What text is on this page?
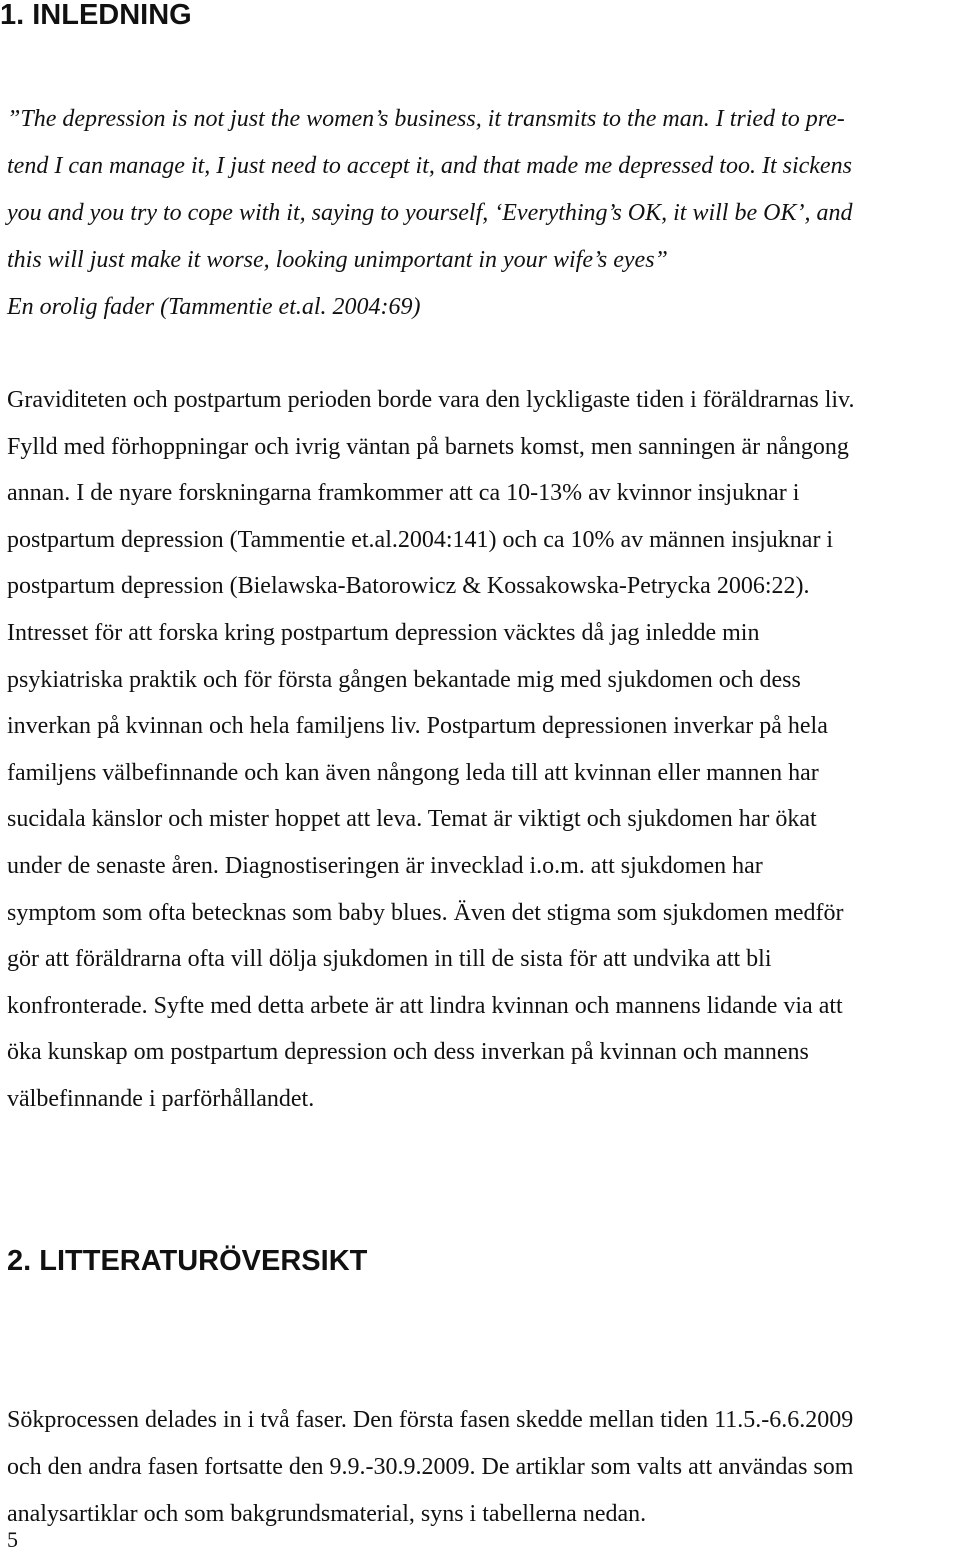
1. INLEDNING
”The depression is not just the women’s business, it transmits to the man. I tried to pre-
tend I can manage it, I just need to accept it, and that made me depressed too. It sickens
you and you try to cope with it, saying to yourself, ‘Everything’s OK, it will be OK’, and
this will just make it worse, looking unimportant in your wife’s eyes”
En orolig fader (Tammentie et.al. 2004:69)
Graviditeten och postpartum perioden borde vara den lyckligaste tiden i föräldrarnas liv.
Fylld med förhoppningar och ivrig väntan på barnets komst, men sanningen är nångong
annan. I de nyare forskningarna framkommer att ca 10-13% av kvinnor insjuknar i
postpartum depression (Tammentie et.al.2004:141) och ca 10% av männen insjuknar i
postpartum depression (Bielawska-Batorowicz & Kossakowska-Petrycka 2006:22).
Intresset för att forska kring postpartum depression väcktes då jag inledde min
psykiatriska praktik och för första gången bekantade mig med sjukdomen och dess
inverkan på kvinnan och hela familjens liv. Postpartum depressionen inverkar på hela
familjens välbefinnande och kan även nångong leda till att kvinnan eller mannen har
sucidala känslor och mister hoppet att leva. Temat är viktigt och sjukdomen har ökat
under de senaste åren. Diagnostiseringen är invecklad i.o.m. att sjukdomen har
symptom som ofta betecknas som baby blues. Även det stigma som sjukdomen medför
gör att föräldrarna ofta vill dölja sjukdomen in till de sista för att undvika att bli
konfronterade. Syfte med detta arbete är att lindra kvinnan och mannens lidande via att
öka kunskap om postpartum depression och dess inverkan på kvinnan och mannens
välbefinnande i parförhållandet.
2. LITTERATURÖVERSIKT
Sökprocessen delades in i två faser. Den första fasen skedde mellan tiden 11.5.-6.6.2009
och den andra fasen fortsatte den 9.9.-30.9.2009. De artiklar som valts att användas som
analysartiklar och som bakgrundsmaterial, syns i tabellerna nedan.
5
